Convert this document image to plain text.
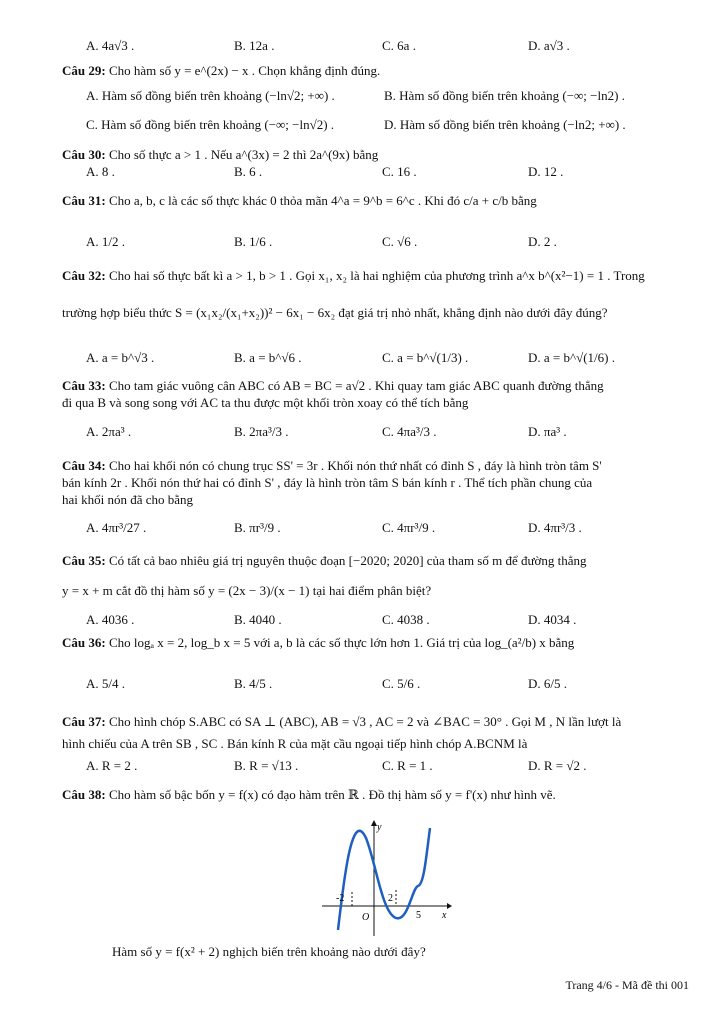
A. 4a√3 .	B. 12a .	C. 6a .	D. a√3 .
Câu 29: Cho hàm số y = e^(2x) − x . Chọn khẳng định đúng.
A. Hàm số đồng biến trên khoảng (−ln√2; +∞) .	B. Hàm số đồng biến trên khoảng (−∞; −ln2) .
C. Hàm số đồng biến trên khoảng (−∞; −ln√2) .	D. Hàm số đồng biến trên khoảng (−ln2; +∞) .
Câu 30: Cho số thực a > 1 . Nếu a^(3x) = 2 thì 2a^(9x) bằng
A. 8 .	B. 6 .	C. 16 .	D. 12 .
Câu 31: Cho a, b, c là các số thực khác 0 thỏa mãn 4^a = 9^b = 6^c . Khi đó c/a + c/b bằng
A. 1/2 .	B. 1/6 .	C. √6 .	D. 2 .
Câu 32: Cho hai số thực bất kì a > 1, b > 1 . Gọi x₁, x₂ là hai nghiệm của phương trình a^x b^(x²−1) = 1 . Trong
trường hợp biểu thức S = (x₁x₂/(x₁+x₂))² − 6x₁ − 6x₂ đạt giá trị nhỏ nhất, khẳng định nào dưới đây đúng?
A. a = b^√3 .	B. a = b^√6 .	C. a = b^√(1/3) .	D. a = b^√(1/6) .
Câu 33: Cho tam giác vuông cân ABC có AB = BC = a√2 . Khi quay tam giác ABC quanh đường thẳng
đi qua B và song song với AC ta thu được một khối tròn xoay có thể tích bằng
A. 2πa³ .	B. 2πa³/3 .	C. 4πa³/3 .	D. πa³ .
Câu 34: Cho hai khối nón có chung trục SS' = 3r . Khối nón thứ nhất có đỉnh S , đáy là hình tròn tâm S'
bán kính 2r . Khối nón thứ hai có đỉnh S' , đáy là hình tròn tâm S bán kính r . Thể tích phần chung của
hai khối nón đã cho bằng
A. 4πr³/27 .	B. πr³/9 .	C. 4πr³/9 .	D. 4πr³/3 .
Câu 35: Có tất cả bao nhiêu giá trị nguyên thuộc đoạn [−2020; 2020] của tham số m để đường thẳng
y = x + m cắt đồ thị hàm số y = (2x − 3)/(x − 1) tại hai điểm phân biệt?
A. 4036 .	B. 4040 .	C. 4038 .	D. 4034 .
Câu 36: Cho logₐ x = 2, log_b x = 5 với a, b là các số thực lớn hơn 1. Giá trị của log_(a²/b) x bằng
A. 5/4 .	B. 4/5 .	C. 5/6 .	D. 6/5 .
Câu 37: Cho hình chóp S.ABC có SA ⊥ (ABC), AB = √3 , AC = 2 và ∠BAC = 30° . Gọi M , N lần lượt là
hình chiếu của A trên SB , SC . Bán kính R của mặt cầu ngoại tiếp hình chóp A.BCNM là
A. R = 2 .	B. R = √13 .	C. R = 1 .	D. R = √2 .
Câu 38: Cho hàm số bậc bốn y = f(x) có đạo hàm trên ℝ . Đồ thị hàm số y = f'(x) như hình vẽ.
y
x
O
-2	2
5
Hàm số y = f(x² + 2) nghịch biến trên khoảng nào dưới đây?
Trang 4/6 - Mã đề thi 001
